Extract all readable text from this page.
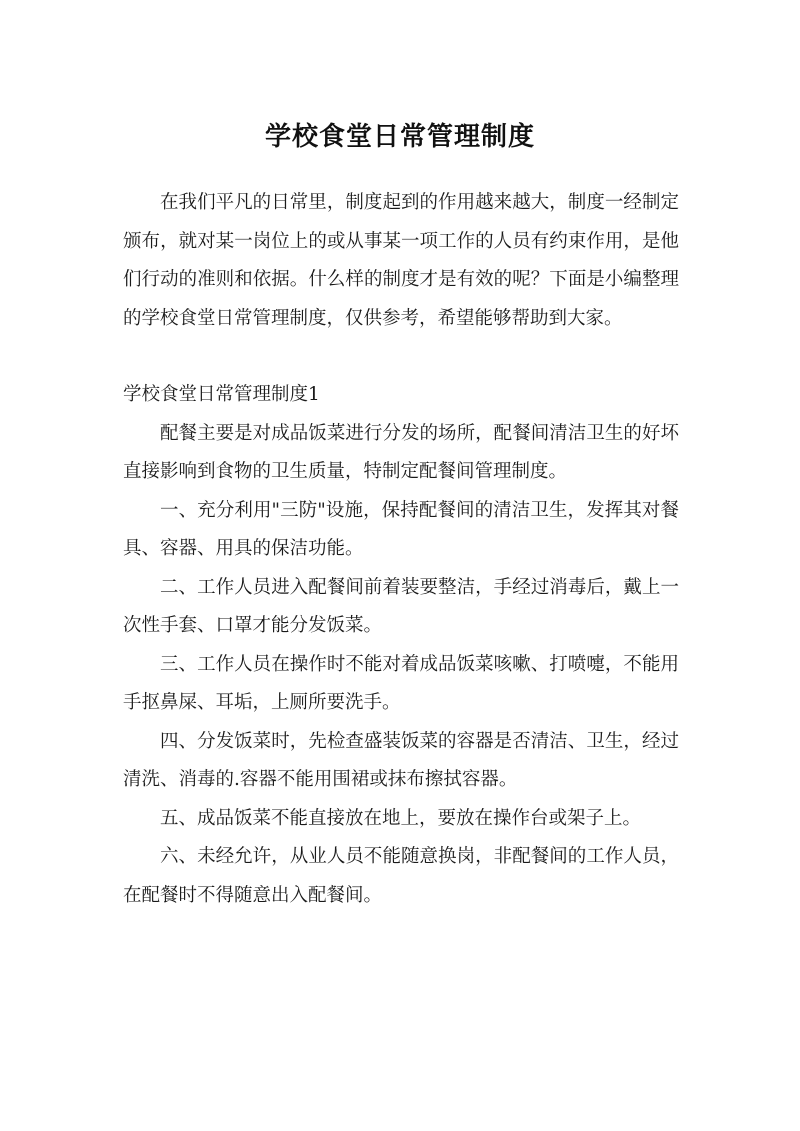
学校食堂日常管理制度

在我们平凡的日常里，制度起到的作用越来越大，制度一经制定颁布，就对某一岗位上的或从事某一项工作的人员有约束作用，是他们行动的准则和依据。什么样的制度才是有效的呢？下面是小编整理的学校食堂日常管理制度，仅供参考，希望能够帮助到大家。

学校食堂日常管理制度1

配餐主要是对成品饭菜进行分发的场所，配餐间清洁卫生的好坏直接影响到食物的卫生质量，特制定配餐间管理制度。

一、充分利用"三防"设施，保持配餐间的清洁卫生，发挥其对餐具、容器、用具的保洁功能。

二、工作人员进入配餐间前着装要整洁，手经过消毒后，戴上一次性手套、口罩才能分发饭菜。

三、工作人员在操作时不能对着成品饭菜咳嗽、打喷嚏，不能用手抠鼻屎、耳垢，上厕所要洗手。

四、分发饭菜时，先检查盛装饭菜的容器是否清洁、卫生，经过清洗、消毒的.容器不能用围裙或抹布擦拭容器。

五、成品饭菜不能直接放在地上，要放在操作台或架子上。

六、未经允许，从业人员不能随意换岗，非配餐间的工作人员，在配餐时不得随意出入配餐间。
